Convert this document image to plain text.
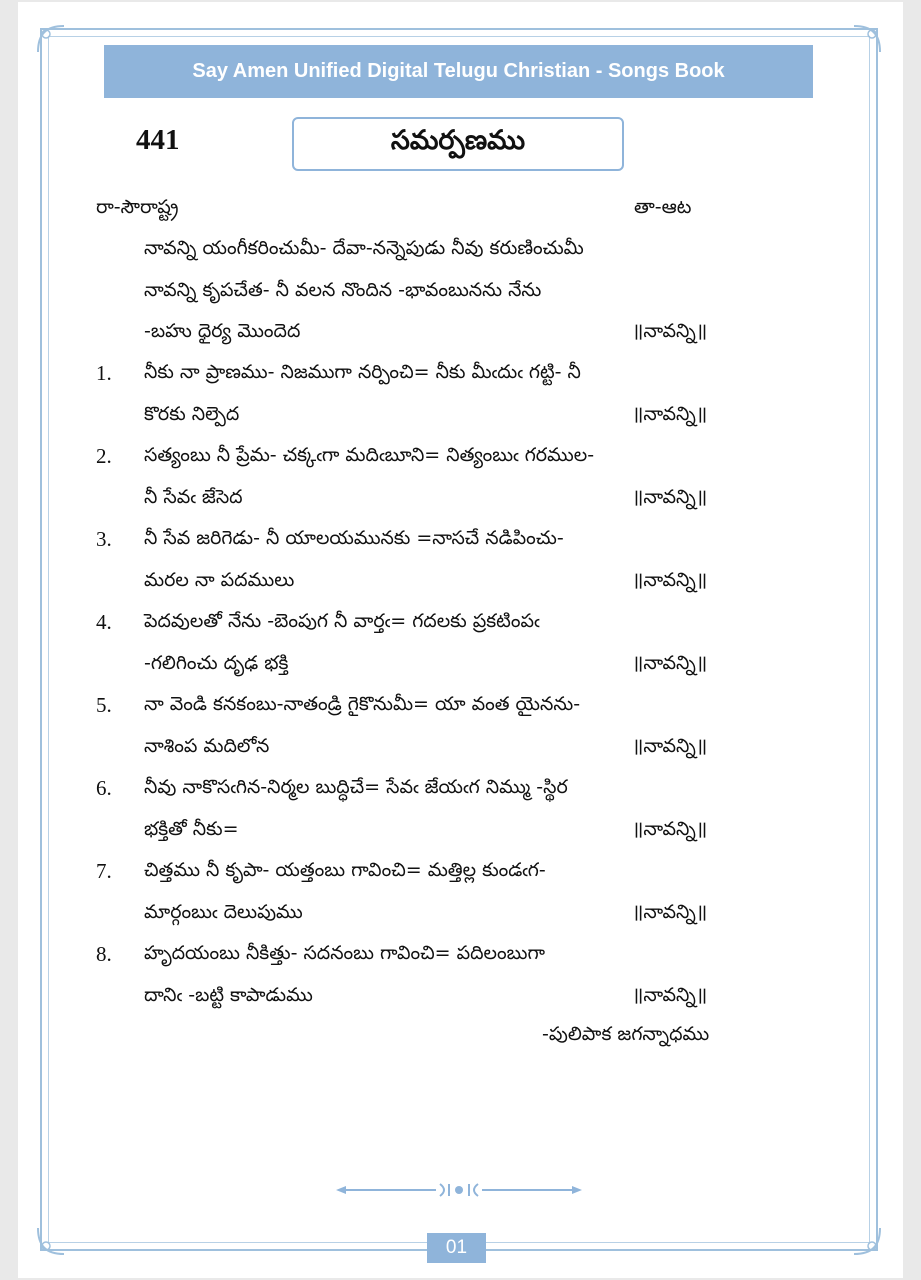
Say Amen Unified Digital Telugu Christian - Songs Book
441	సమర్పణము
రా-సౌరాష్ట్ర	తా-ఆట
నావన్ని యంగీకరించుమీ- దేవా-నన్నెపుడు నీవు కరుణించుమీ
నావన్ని కృపచేత- నీ వలన నొందిన -భావంబునను నేను
-బహు ధైర్య మొందెద	॥నావన్ని॥
1. నీకు నా ప్రాణము- నిజముగా నర్పించి= నీకు మీఁదుఁ గట్టి- నీ
కొరకు నిల్పెద	॥నావన్ని॥
2. సత్యంబు నీ ప్రేమ- చక్కఁగా మదిఁబూని= నిత్యంబుఁ గరముల-
నీ సేవఁ జేసెద	॥నావన్ని॥
3. నీ సేవ జరిగెడు- నీ యాలయమునకు =నాసచే నడిపించు-
మరల నా పదములు	॥నావన్ని॥
4. పెదవులతో నేను -బెంపుగ నీ వార్తఁ= గదలకు ప్రకటింపఁ
-గలిగించు దృఢ భక్తి	॥నావన్ని॥
5. నా వెండి కనకంబు-నాతండ్రి గైకొనుమీ= యా వంత యైనను-
నాశింప మదిలోన	॥నావన్ని॥
6. నీవు నాకొసఁగిన-నిర్మల బుద్ధిచే= సేవఁ జేయఁగ నిమ్ము -స్థిర
భక్తితో నీకు=	॥నావన్ని॥
7. చిత్తము నీ కృపా- యత్తంబు గావించి= మత్తిల్ల కుండఁగ-
మార్గంబుఁ దెలుపుము	॥నావన్ని॥
8. హృదయంబు నీకిత్తు- సదనంబు గావించి= పదిలంబుగా
దానిఁ -బట్టి కాపాడుము	॥నావన్ని॥
-పులిపాక జగన్నాధము
01
